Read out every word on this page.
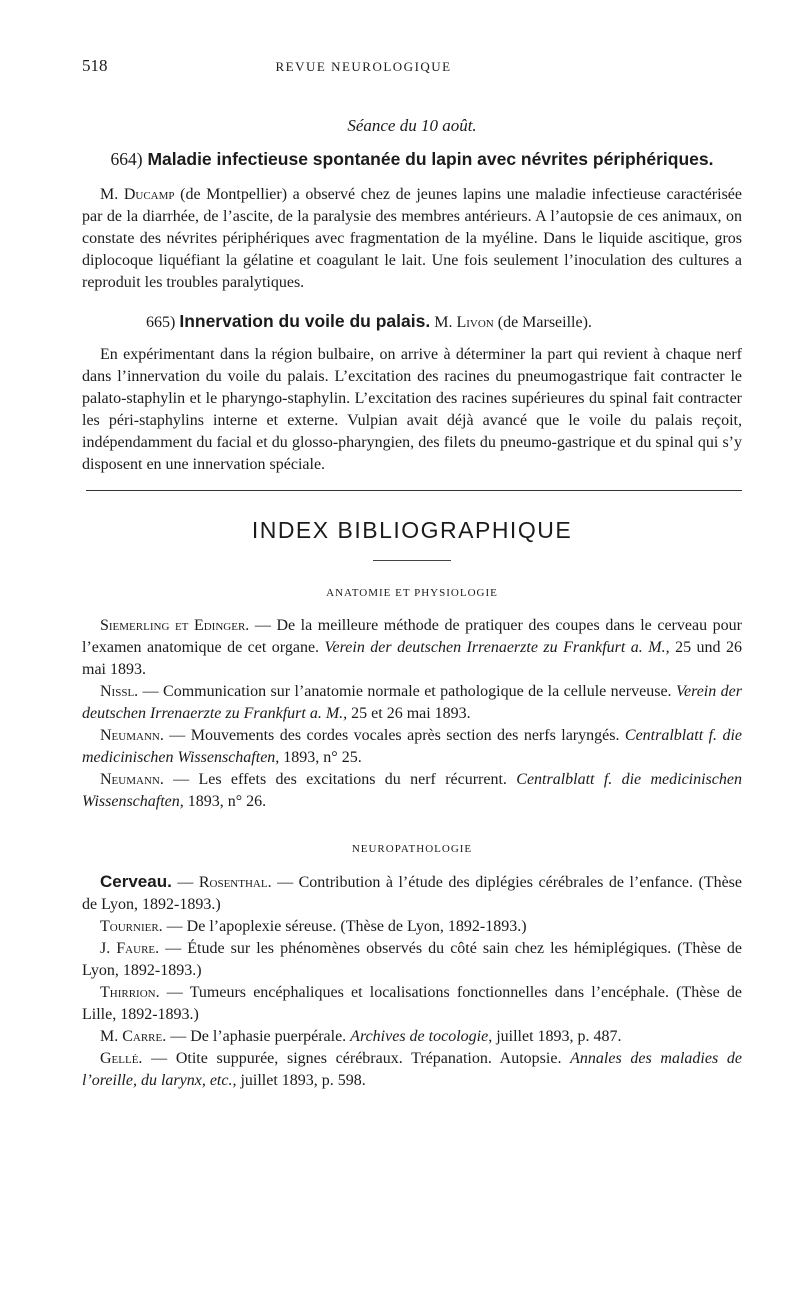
518	REVUE NEUROLOGIQUE
Séance du 10 août.
664) Maladie infectieuse spontanée du lapin avec névrites périphériques.

M. Ducamp (de Montpellier) a observé chez de jeunes lapins une maladie infectieuse caractérisée par de la diarrhée, de l’ascite, de la paralysie des membres antérieurs. A l’autopsie de ces animaux, on constate des névrites périphériques avec fragmentation de la myéline. Dans le liquide ascitique, gros diplocoque liquéfiant la gélatine et coagulant le lait. Une fois seulement l’inoculation des cultures a reproduit les troubles paralytiques.

665) Innervation du voile du palais. M. Livon (de Marseille).

En expérimentant dans la région bulbaire, on arrive à déterminer la part qui revient à chaque nerf dans l’innervation du voile du palais. L’excitation des racines du pneumogastrique fait contracter le palato-staphylin et le pharyngo-staphylin. L’excitation des racines supérieures du spinal fait contracter les péri-staphylins interne et externe. Vulpian avait déjà avancé que le voile du palais reçoit, indépendamment du facial et du glosso-pharyngien, des filets du pneumo-gastrique et du spinal qui s’y disposent en une innervation spéciale.

INDEX BIBLIOGRAPHIQUE
ANATOMIE ET PHYSIOLOGIE

Siemerling et Edinger. — De la meilleure méthode de pratiquer des coupes dans le cerveau pour l’examen anatomique de cet organe. Verein der deutschen Irrenaerzte zu Frankfurt a. M., 25 und 26 mai 1893.

Nissl. — Communication sur l’anatomie normale et pathologique de la cellule nerveuse. Verein der deutschen Irrenaerzte zu Frankfurt a. M., 25 et 26 mai 1893.

Neumann. — Mouvements des cordes vocales après section des nerfs laryngés. Centralblatt f. die medicinischen Wissenschaften, 1893, n° 25.

Neumann. — Les effets des excitations du nerf récurrent. Centralblatt f. die medicinischen Wissenschaften, 1893, n° 26.

NEUROPATHOLOGIE

Cerveau. — Rosenthal. — Contribution à l’étude des diplégies cérébrales de l’enfance. (Thèse de Lyon, 1892-1893.)

Tournier. — De l’apoplexie séreuse. (Thèse de Lyon, 1892-1893.)

J. Faure. — Étude sur les phénomènes observés du côté sain chez les hémiplégiques. (Thèse de Lyon, 1892-1893.)

Thirrion. — Tumeurs encéphaliques et localisations fonctionnelles dans l’encéphale. (Thèse de Lille, 1892-1893.)

M. Carre. — De l’aphasie puerpérale. Archives de tocologie, juillet 1893, p. 487.

Gellé. — Otite suppurée, signes cérébraux. Trépanation. Autopsie. Annales des maladies de l’oreille, du larynx, etc., juillet 1893, p. 598.
